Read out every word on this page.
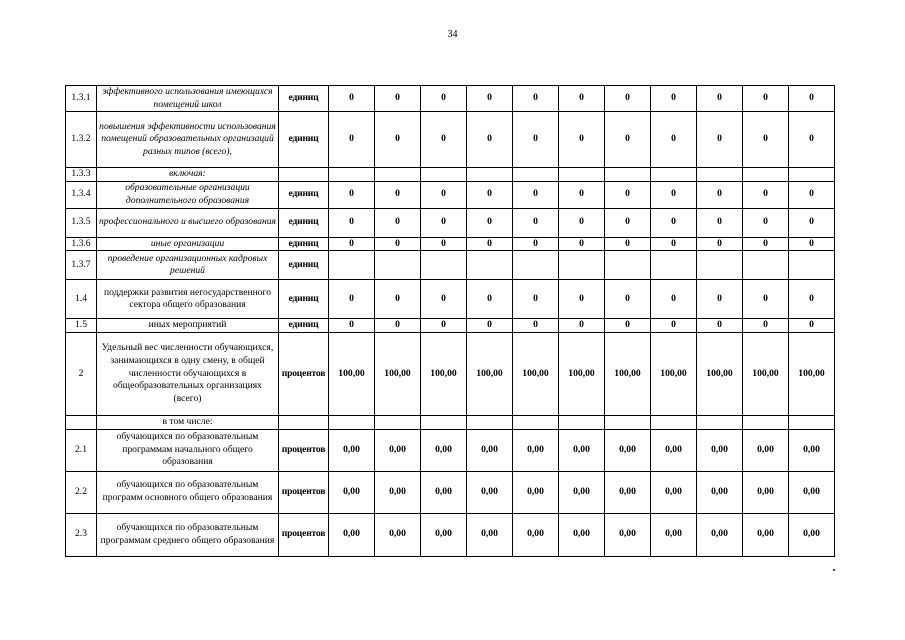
34
1.3.1	эффективного использования имеющихся помещений школ	единиц	0	0	0	0	0	0	0	0	0	0	0
1.3.2	повышения эффективности использования помещений образовательных организаций разных типов (всего),	единиц	0	0	0	0	0	0	0	0	0	0	0
1.3.3	включая:												
1.3.4	образовательные организации дополнительного образования	единиц	0	0	0	0	0	0	0	0	0	0	0
1.3.5	профессионального и высшего образования	единиц	0	0	0	0	0	0	0	0	0	0	0
1.3.6	иные организации	единиц	0	0	0	0	0	0	0	0	0	0	0
1.3.7	проведение организационных кадровых решений	единиц											
1.4	поддержки развития негосударственного сектора общего образования	единиц	0	0	0	0	0	0	0	0	0	0	0
1.5	иных мероприятий	единиц	0	0	0	0	0	0	0	0	0	0	0
2	Удельный вес численности обучающихся, занимающихся в одну смену, в общей численности обучающихся в общеобразовательных организациях (всего)	процентов	100,00	100,00	100,00	100,00	100,00	100,00	100,00	100,00	100,00	100,00	100,00
	в том числе:												
2.1	обучающихся по образовательным программам начального общего образования	процентов	0,00	0,00	0,00	0,00	0,00	0,00	0,00	0,00	0,00	0,00	0,00
2.2	обучающихся по образовательным программ основного общего образования	процентов	0,00	0,00	0,00	0,00	0,00	0,00	0,00	0,00	0,00	0,00	0,00
2.3	обучающихся по образовательным программам среднего общего образования	процентов	0,00	0,00	0,00	0,00	0,00	0,00	0,00	0,00	0,00	0,00	0,00
